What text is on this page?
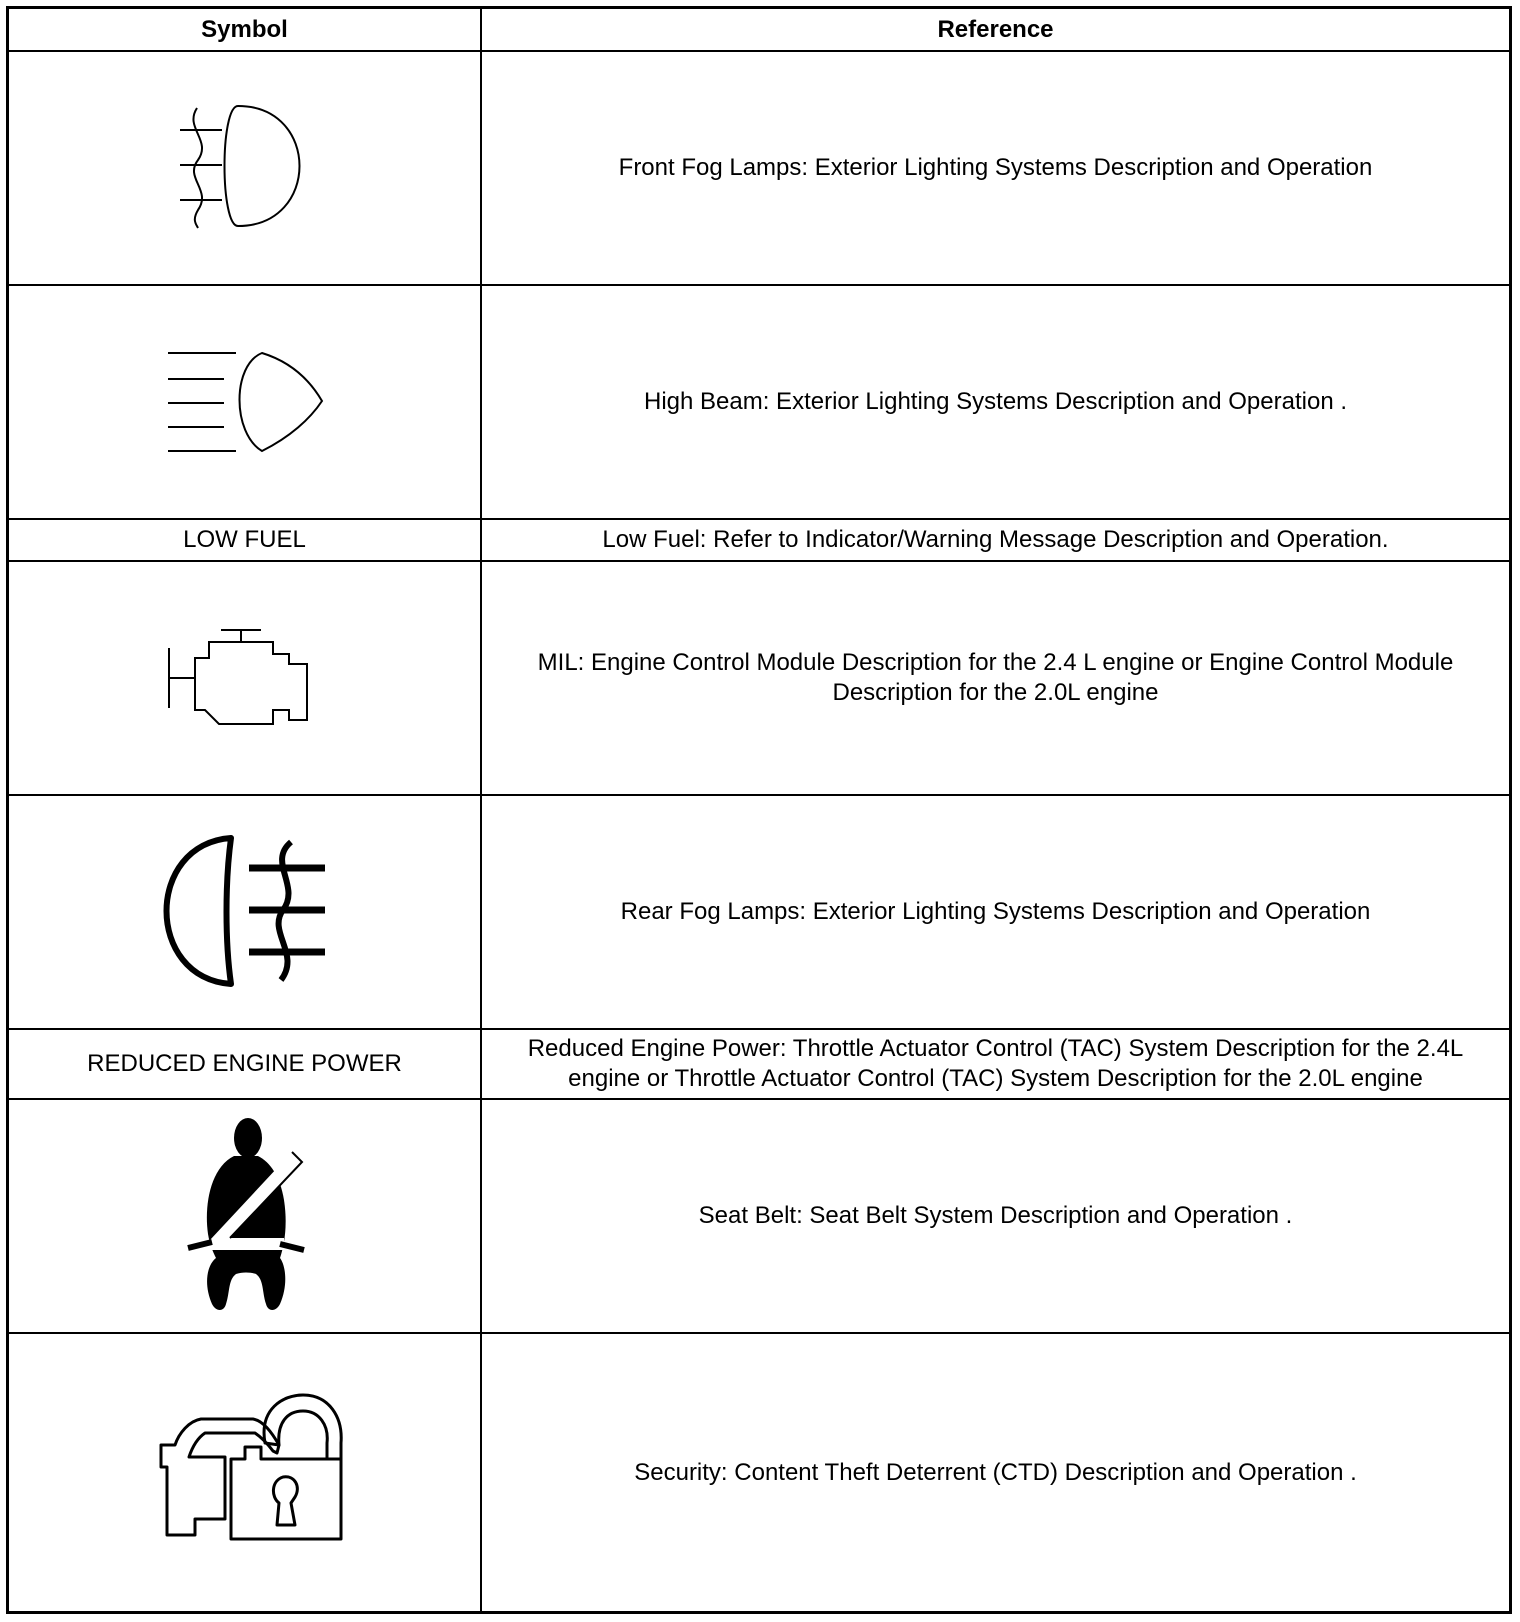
Symbol	Reference
Front Fog Lamps: Exterior Lighting Systems Description and Operation
High Beam: Exterior Lighting Systems Description and Operation .
LOW FUEL	Low Fuel: Refer to Indicator/Warning Message Description and Operation.
MIL: Engine Control Module Description for the 2.4 L engine or Engine Control Module Description for the 2.0L engine
Rear Fog Lamps: Exterior Lighting Systems Description and Operation
REDUCED ENGINE POWER
Reduced Engine Power: Throttle Actuator Control (TAC) System Description for the 2.4L engine or Throttle Actuator Control (TAC) System Description for the 2.0L engine
Seat Belt: Seat Belt System Description and Operation .
Security: Content Theft Deterrent (CTD) Description and Operation .
